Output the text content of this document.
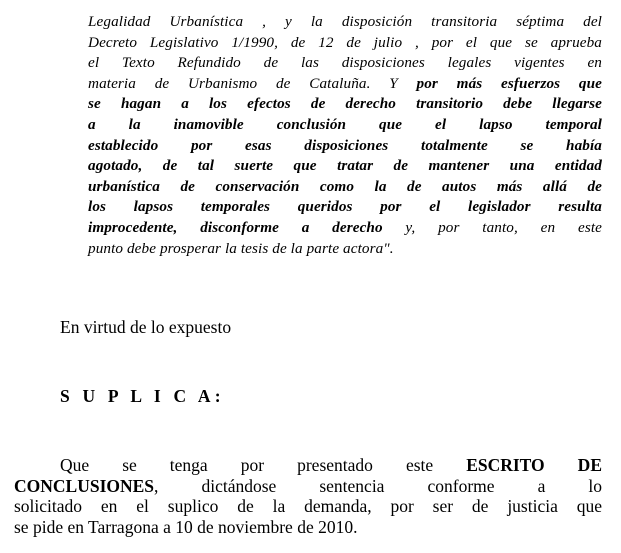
Legalidad Urbanística , y la disposición transitoria séptima del
Decreto Legislativo 1/1990, de 12 de julio , por el que se aprueba
el Texto Refundido de las disposiciones legales vigentes en
materia de Urbanismo de Cataluña. Y por más esfuerzos que
se hagan a los efectos de derecho transitorio debe llegarse
a la inamovible conclusión que el lapso temporal
establecido por esas disposiciones totalmente se había
agotado, de tal suerte que tratar de mantener una entidad
urbanística de conservación como la de autos más allá de
los lapsos temporales queridos por el legislador resulta
improcedente, disconforme a derecho y, por tanto, en este
punto debe prosperar la tesis de la parte actora".
En virtud de lo expuesto
S U P L I C A:
Que se tenga por presentado este ESCRITO DE
CONCLUSIONES, dictándose sentencia conforme a lo
solicitado en el suplico de la demanda, por ser de justicia que
se pide en Tarragona a 10 de noviembre de 2010.
